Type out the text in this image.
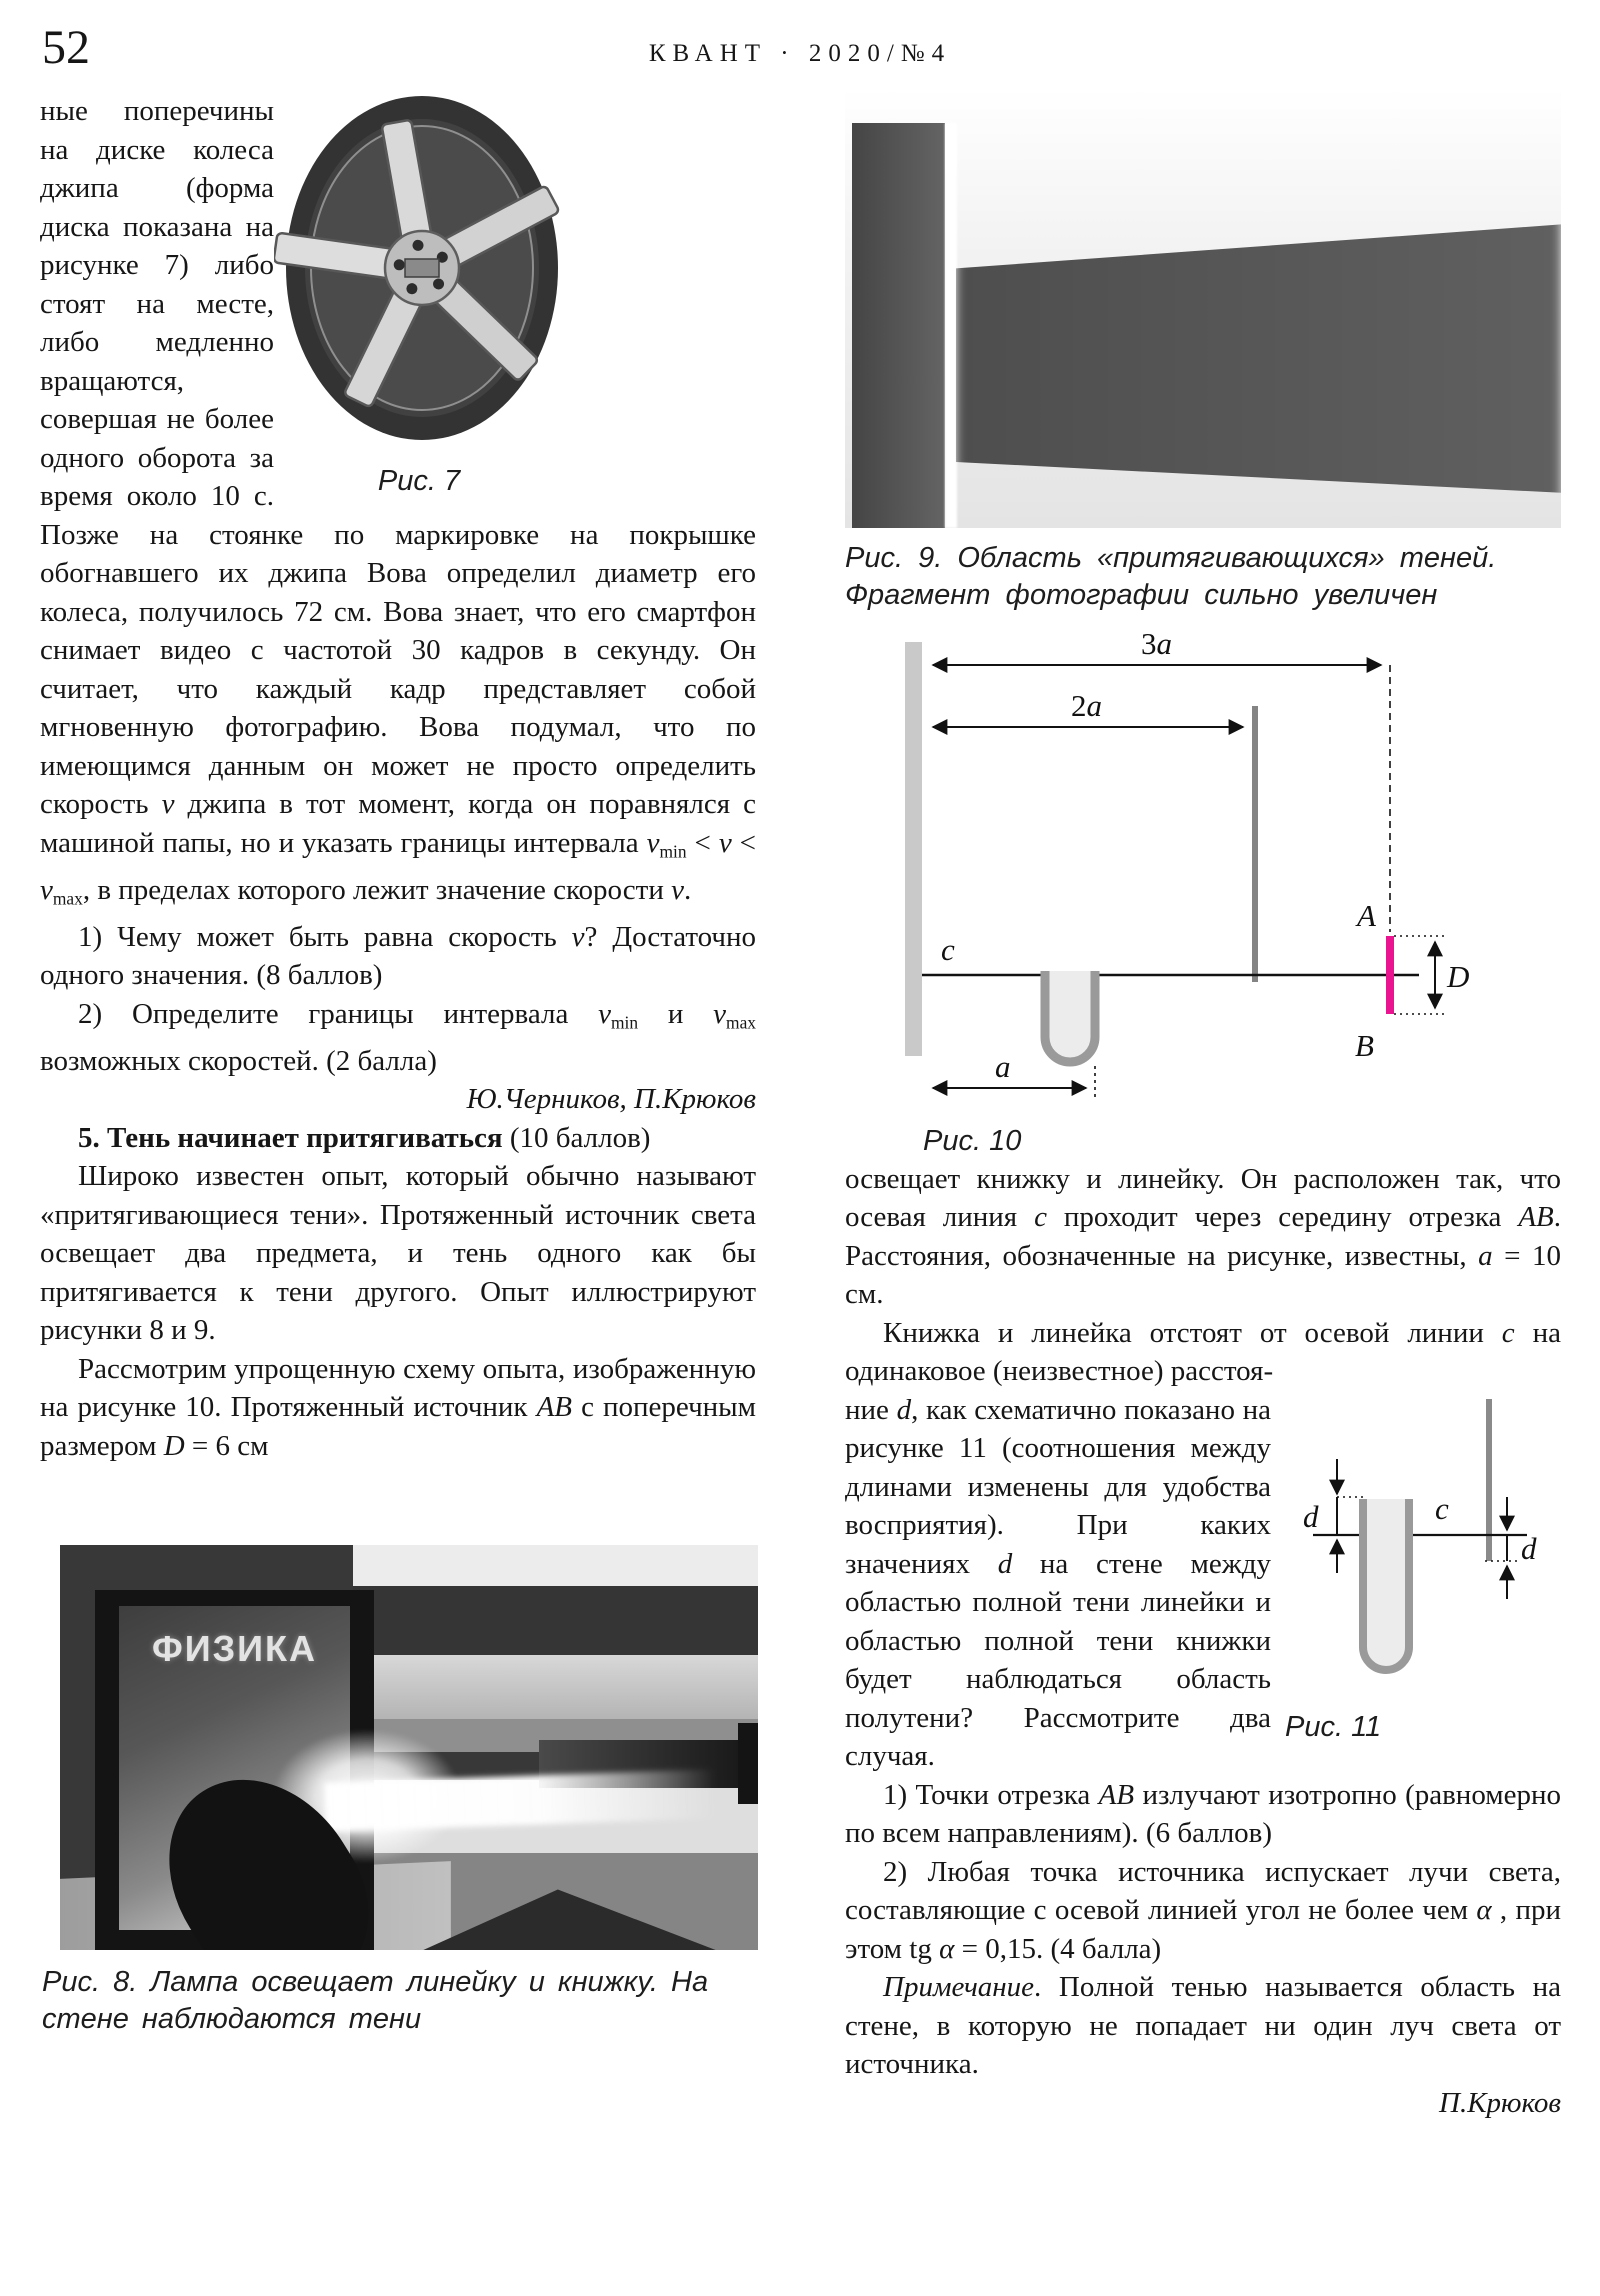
52	КВАНТ · 2020/№4

Рис. 7
ные поперечины на диске колеса джипа (форма диска показана на рисунке 7) либо стоят на месте, либо медленно вращаются, совершая не более одного оборота за время около 10 с. Позже на стоянке по маркировке на покрышке обогнавшего их джипа Вова определил диаметр его колеса, получилось 72 см. Вова знает, что его смартфон снимает видео с частотой 30 кадров в секунду. Он считает, что каждый кадр представляет собой мгновенную фотографию. Вова подумал, что по имеющимся данным он может не просто определить скорость v джипа в тот момент, когда он поравнялся с машиной папы, но и указать границы интервала $v_{min} < v < v_{max}$, в пределах которого лежит значение скорости v.

1) Чему может быть равна скорость v? Достаточно одного значения. (8 баллов)

2) Определите границы интервала $v_{min}$ и $v_{max}$ возможных скоростей. (2 балла)

Ю.Черников, П.Крюков

5. Тень начинает притягиваться (10 баллов)

Широко известен опыт, который обычно называют «притягивающиеся тени». Протяженный источник света освещает два предмета, и тень одного как бы притягивается к тени другого. Опыт иллюстрируют рисунки 8 и 9.

Рассмотрим упрощенную схему опыта, изображенную на рисунке 10. Протяженный источник AB с поперечным размером D = 6 см

ФИЗИКА
Рис. 8. Лампа освещает линейку и книжку. На
стене наблюдаются тени
Рис. 9. Область «притягивающихся» теней.
Фрагмент фотографии сильно увеличен
3a
2a
c
a
A
B
D
Рис. 10

освещает книжку и линейку. Он расположен так, что осевая линия c проходит через середину отрезка AB. Расстояния, обозначенные на рисунке, известны, a = 10 см.

Книжка и линейка отстоят от осевой линии c на одинаковое (неизвестное) расстоя-

d
d
c
Рис. 11
ние d, как схематично показано на рисунке 11 (соотношения между длинами изменены для удобства восприятия). При каких значениях d на стене между областью полной тени линейки и областью полной тени книжки будет наблюдаться область полутени? Рассмотрите два случая.

1) Точки отрезка AB излучают изотропно (равномерно по всем направлениям). (6 баллов)

2) Любая точка источника испускает лучи света, составляющие с осевой линией угол не более чем α , при этом tg α = 0,15. (4 балла)

Примечание. Полной тенью называется область на стене, в которую не попадает ни один луч света от источника.

П.Крюков
